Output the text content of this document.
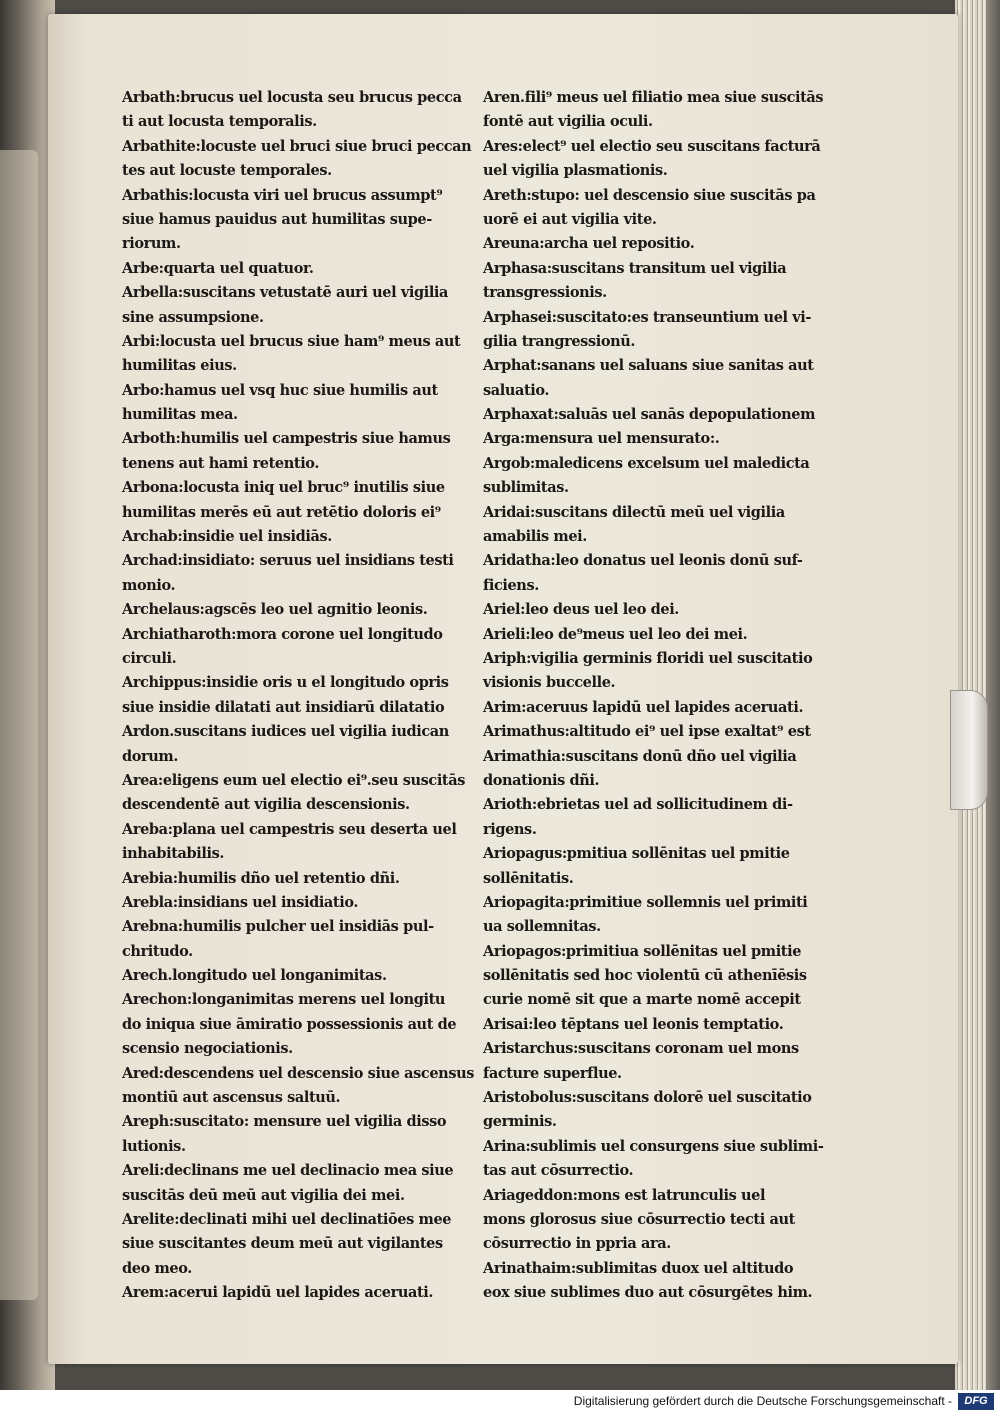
Arbath:brucus uel locusta seu brucus pecca

ti aut locusta temporalis.

Arbathite:locuste uel bruci siue bruci peccan

tes aut locuste temporales.

Arbathis:locusta viri uel brucus assumpt⁹

siue hamus pauidus aut humilitas supe-

riorum.

Arbe:quarta uel quatuor.

Arbella:suscitans vetustatē auri uel vigilia

sine assumpsione.

Arbi:locusta uel brucus siue ham⁹ meus aut

humilitas eius.

Arbo:hamus uel vsq huc siue humilis aut

humilitas mea.

Arboth:humilis uel campestris siue hamus

tenens aut hami retentio.

Arbona:locusta iniq uel bruc⁹ inutilis siue

humilitas merēs eū aut retētio doloris ei⁹

Archab:insidie uel insidiās.

Archad:insidiato: seruus uel insidians testi

monio.

Archelaus:agscēs leo uel agnitio leonis.

Archiatharoth:mora corone uel longitudo

circuli.

Archippus:insidie oris u el longitudo opris

siue insidie dilatati aut insidiarū dilatatio

Ardon.suscitans iudices uel vigilia iudican

dorum.

Area:eligens eum uel electio ei⁹.seu suscitās

descendentē aut vigilia descensionis.

Areba:plana uel campestris seu deserta uel

inhabitabilis.

Arebia:humilis dño uel retentio dñi.

Arebla:insidians uel insidiatio.

Arebna:humilis pulcher uel insidiās pul-

chritudo.

Arech.longitudo uel longanimitas.

Arechon:longanimitas merens uel longitu

do iniqua siue āmiratio possessionis aut de

scensio negociationis.

Ared:descendens uel descensio siue ascensus

montiū aut ascensus saltuū.

Areph:suscitato: mensure uel vigilia disso

lutionis.

Areli:declinans me uel declinacio mea siue

suscitās deū meū aut vigilia dei mei.

Arelite:declinati mihi uel declinatiōes mee

siue suscitantes deum meū aut vigilantes

deo meo.

Arem:acerui lapidū uel lapides aceruati.

Aren.fili⁹ meus uel filiatio mea siue suscitās

fontē aut vigilia oculi.

Ares:elect⁹ uel electio seu suscitans facturā

uel vigilia plasmationis.

Areth:stupo: uel descensio siue suscitās pa

uorē ei aut vigilia vite.

Areuna:archa uel repositio.

Arphasa:suscitans transitum uel vigilia

transgressionis.

Arphasei:suscitato:es transeuntium uel vi-

gilia trangressionū.

Arphat:sanans uel saluans siue sanitas aut

saluatio.

Arphaxat:saluās uel sanās depopulationem

Arga:mensura uel mensurato:.

Argob:maledicens excelsum uel maledicta

sublimitas.

Aridai:suscitans dilectū meū uel vigilia

amabilis mei.

Aridatha:leo donatus uel leonis donū suf-

ficiens.

Ariel:leo deus uel leo dei.

Arieli:leo de⁹meus uel leo dei mei.

Ariph:vigilia germinis floridi uel suscitatio

visionis buccelle.

Arim:aceruus lapidū uel lapides aceruati.

Arimathus:altitudo ei⁹ uel ipse exaltat⁹ est

Arimathia:suscitans donū dño uel vigilia

donationis dñi.

Arioth:ebrietas uel ad sollicitudinem di-

rigens.

Ariopagus:pmitiua sollēnitas uel pmitie

sollēnitatis.

Ariopagita:primitiue sollemnis uel primiti

ua sollemnitas.

Ariopagos:primitiua sollēnitas uel pmitie

sollēnitatis sed hoc violentū cū athenīēsis

curie nomē sit que a marte nomē accepit

Arisai:leo tēptans uel leonis temptatio.

Aristarchus:suscitans coronam uel mons

facture superflue.

Aristobolus:suscitans dolorē uel suscitatio

germinis.

Arina:sublimis uel consurgens siue sublimi-

tas aut cōsurrectio.

Ariageddon:mons est latrunculis uel

mons glorosus siue cōsurrectio tecti aut

cōsurrectio in ppria ara.

Arinathaim:sublimitas duox uel altitudo

eox siue sublimes duo aut cōsurgētes him.

Digitalisierung gefördert durch die Deutsche Forschungsgemeinschaft -	DFG
